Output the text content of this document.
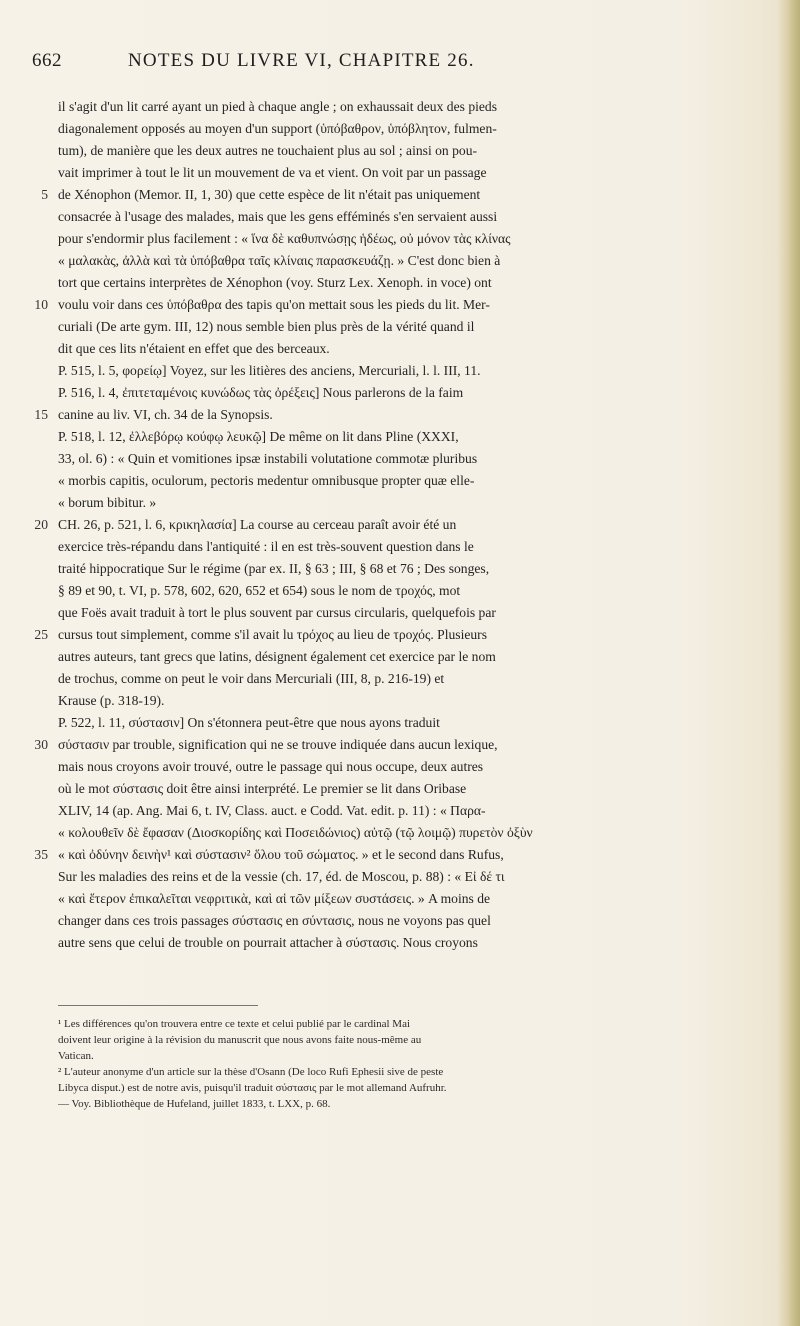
662	NOTES DU LIVRE VI, CHAPITRE 26.
il s'agit d'un lit carré ayant un pied à chaque angle ; on exhaussait deux des pieds
diagonalement opposés au moyen d'un support (ὑπόβαθρον, ὑπόβλητον, fulmen-
tum), de manière que les deux autres ne touchaient plus au sol ; ainsi on pou-
vait imprimer à tout le lit un mouvement de va et vient. On voit par un passage
de Xénophon (Memor. II, 1, 30) que cette espèce de lit n'était pas uniquement
consacrée à l'usage des malades, mais que les gens efféminés s'en servaient aussi
pour s'endormir plus facilement : « ἵνα δὲ καθυπνώσῃς ἡδέως, οὐ μόνον τὰς κλίνας
« μαλακὰς, ἀλλὰ καὶ τὰ ὑπόβαθρα ταῖς κλίναις παρασκευάζῃ. » C'est donc bien à
tort que certains interprètes de Xénophon (voy. Sturz Lex. Xenoph. in voce) ont
voulu voir dans ces ὑπόβαθρα des tapis qu'on mettait sous les pieds du lit. Mer-
curiali (De arte gym. III, 12) nous semble bien plus près de la vérité quand il
dit que ces lits n'étaient en effet que des berceaux.
P. 515, l. 5, φορείῳ] Voyez, sur les litières des anciens, Mercuriali, l. l. III, 11.
P. 516, l. 4, ἐπιτεταμένοις κυνώδως τὰς ὀρέξεις] Nous parlerons de la faim
canine au liv. VI, ch. 34 de la Synopsis.
P. 518, l. 12, ἐλλεβόρῳ κούφῳ λευκῷ] De même on lit dans Pline (XXXI,
33, ol. 6) : « Quin et vomitiones ipsæ instabili volutatione commotæ pluribus
« morbis capitis, oculorum, pectoris medentur omnibusque propter quæ elle-
« borum bibitur. »
CH. 26, p. 521, l. 6, κρικηλασία] La course au cerceau paraît avoir été un
exercice très-répandu dans l'antiquité : il en est très-souvent question dans le
traité hippocratique Sur le régime (par ex. II, § 63 ; III, § 68 et 76 ; Des songes,
§ 89 et 90, t. VI, p. 578, 602, 620, 652 et 654) sous le nom de τροχός, mot
que Foës avait traduit à tort le plus souvent par cursus circularis, quelquefois par
cursus tout simplement, comme s'il avait lu τρόχος au lieu de τροχός. Plusieurs
autres auteurs, tant grecs que latins, désignent également cet exercice par le nom
de trochus, comme on peut le voir dans Mercuriali (III, 8, p. 216-19) et
Krause (p. 318-19).
P. 522, l. 11, σύστασιν] On s'étonnera peut-être que nous ayons traduit
σύστασιν par trouble, signification qui ne se trouve indiquée dans aucun lexique,
mais nous croyons avoir trouvé, outre le passage qui nous occupe, deux autres
où le mot σύστασις doit être ainsi interprété. Le premier se lit dans Oribase
XLIV, 14 (ap. Ang. Mai 6, t. IV, Class. auct. e Codd. Vat. edit. p. 11) : « Παρα-
« κολουθεῖν δὲ ἔφασαν (Διοσκορίδης καὶ Ποσειδώνιος) αὐτῷ (τῷ λοιμῷ) πυρετὸν ὀξὺν
« καὶ ὀδύνην δεινὴν¹ καὶ σύστασιν² ὅλου τοῦ σώματος. » et le second dans Rufus,
Sur les maladies des reins et de la vessie (ch. 17, éd. de Moscou, p. 88) : « Εἰ δέ τι
« καὶ ἕτερον ἐπικαλεῖται νεφριτικὰ, καὶ αἱ τῶν μίξεων συστάσεις. » A moins de
changer dans ces trois passages σύστασις en σύντασις, nous ne voyons pas quel
autre sens que celui de trouble on pourrait attacher à σύστασις. Nous croyons
5
10
15
20
25
30
35
¹ Les différences qu'on trouvera entre ce texte et celui publié par le cardinal Mai
doivent leur origine à la révision du manuscrit que nous avons faite nous-même au
Vatican.
² L'auteur anonyme d'un article sur la thèse d'Osann (De loco Rufi Ephesii sive de peste
Libyca disput.) est de notre avis, puisqu'il traduit σύστασις par le mot allemand Aufruhr.
— Voy. Bibliothèque de Hufeland, juillet 1833, t. LXX, p. 68.
